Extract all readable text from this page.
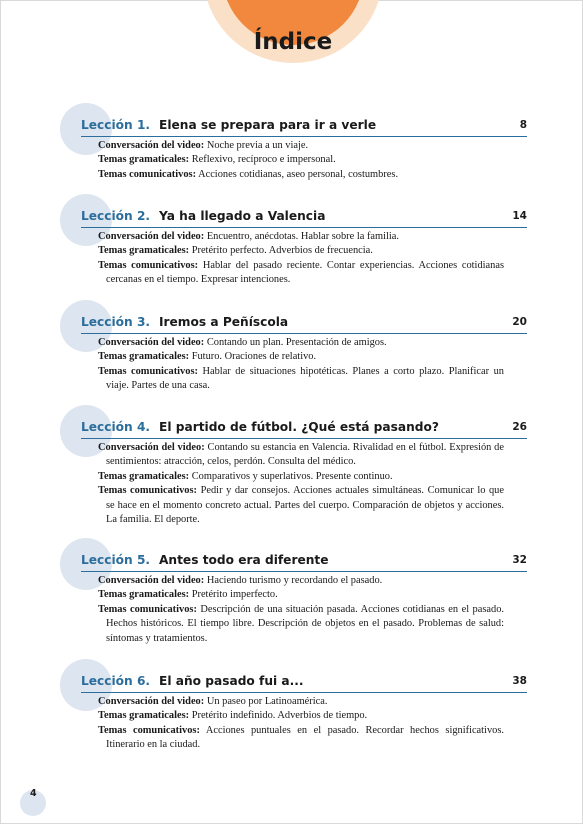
Índice
Lección 1. Elena se prepara para ir a verle	8

Conversación del video: Noche previa a un viaje.

Temas gramaticales: Reflexivo, recíproco e impersonal.

Temas comunicativos: Acciones cotidianas, aseo personal, costumbres.

Lección 2. Ya ha llegado a Valencia	14

Conversación del video: Encuentro, anécdotas. Hablar sobre la familia.

Temas gramaticales: Pretérito perfecto. Adverbios de frecuencia.

Temas comunicativos: Hablar del pasado reciente. Contar experiencias. Acciones cotidianas cercanas en el tiempo. Expresar intenciones.

Lección 3. Iremos a Peñíscola	20

Conversación del video: Contando un plan. Presentación de amigos.

Temas gramaticales: Futuro. Oraciones de relativo.

Temas comunicativos: Hablar de situaciones hipotéticas. Planes a corto plazo. Planificar un viaje. Partes de una casa.

Lección 4. El partido de fútbol. ¿Qué está pasando?	26

Conversación del video: Contando su estancia en Valencia. Rivalidad en el fútbol. Expresión de sentimientos: atracción, celos, perdón. Consulta del médico.

Temas gramaticales: Comparativos y superlativos. Presente continuo.

Temas comunicativos: Pedir y dar consejos. Acciones actuales simultáneas. Comunicar lo que se hace en el momento concreto actual. Partes del cuerpo. Comparación de objetos y acciones. La familia. El deporte.

Lección 5. Antes todo era diferente	32

Conversación del video: Haciendo turismo y recordando el pasado.

Temas gramaticales: Pretérito imperfecto.

Temas comunicativos: Descripción de una situación pasada. Acciones cotidianas en el pasado. Hechos históricos. El tiempo libre. Descripción de objetos en el pasado. Problemas de salud: síntomas y tratamientos.

Lección 6. El año pasado fui a...	38

Conversación del video: Un paseo por Latinoamérica.

Temas gramaticales: Pretérito indefinido. Adverbios de tiempo.

Temas comunicativos: Acciones puntuales en el pasado. Recordar hechos significativos. Itinerario en la ciudad.

4
